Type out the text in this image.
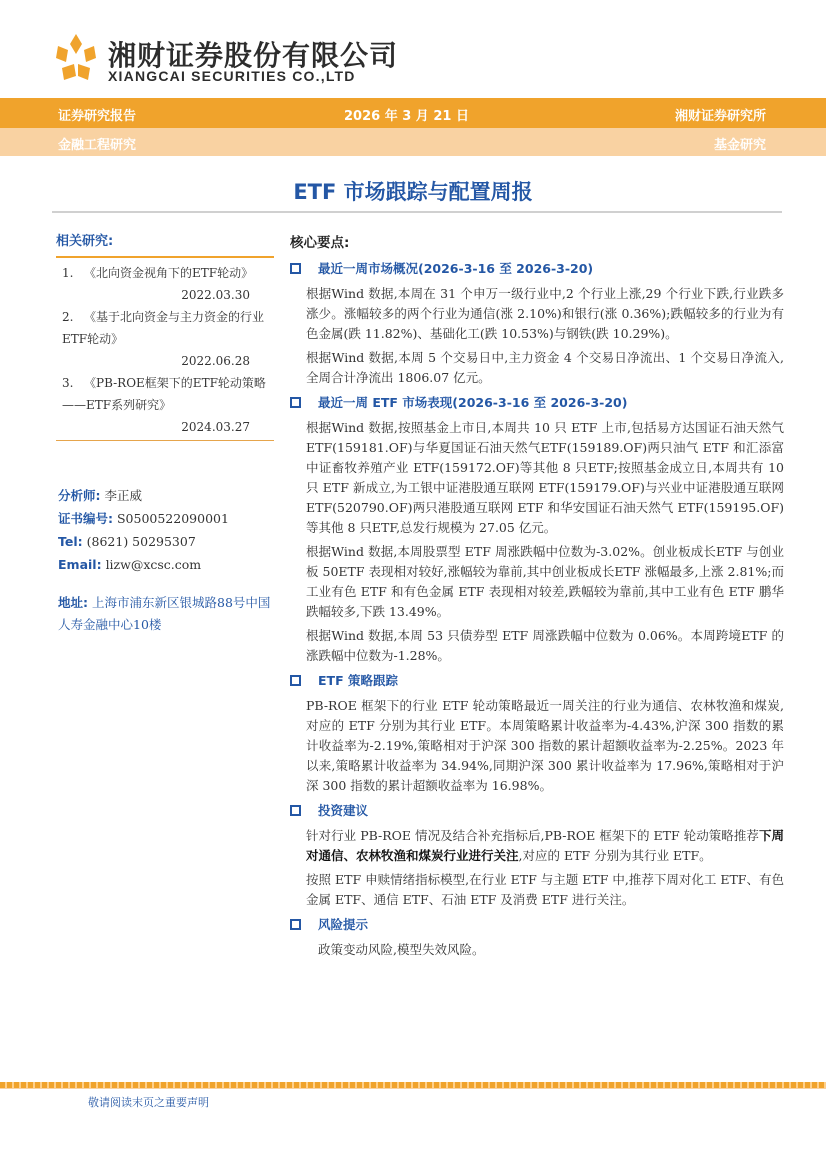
湘财证券股份有限公司
XIANGCAI SECURITIES CO.,LTD
证券研究报告	2026 年 3 月 21 日	湘财证券研究所
金融工程研究	基金研究
ETF 市场跟踪与配置周报
相关研究:
1. 《北向资金视角下的ETF轮动》
2022.03.30
2. 《基于北向资金与主力资金的行业ETF轮动》
2022.06.28
3. 《PB-ROE框架下的ETF轮动策略——ETF系列研究》
2024.03.27
分析师: 李正威
证书编号: S0500522090001
Tel: (8621) 50295307
Email: lizw@xcsc.com
地址: 上海市浦东新区银城路88号中国人寿金融中心10楼
核心要点:
最近一周市场概况(2026-3-16 至 2026-3-20)

根据Wind 数据,本周在 31 个申万一级行业中,2 个行业上涨,29 个行业下跌,行业跌多涨少。涨幅较多的两个行业为通信(涨 2.10%)和银行(涨 0.36%);跌幅较多的行业为有色金属(跌 11.82%)、基础化工(跌 10.53%)与钢铁(跌 10.29%)。

根据Wind 数据,本周 5 个交易日中,主力资金 4 个交易日净流出、1 个交易日净流入,全周合计净流出 1806.07 亿元。

最近一周 ETF 市场表现(2026-3-16 至 2026-3-20)

根据Wind 数据,按照基金上市日,本周共 10 只 ETF 上市,包括易方达国证石油天然气ETF(159181.OF)与华夏国证石油天然气ETF(159189.OF)两只油气 ETF 和汇添富中证畜牧养殖产业 ETF(159172.OF)等其他 8 只ETF;按照基金成立日,本周共有 10 只 ETF 新成立,为工银中证港股通互联网 ETF(159179.OF)与兴业中证港股通互联网 ETF(520790.OF)两只港股通互联网 ETF 和华安国证石油天然气 ETF(159195.OF)等其他 8 只ETF,总发行规模为 27.05 亿元。

根据Wind 数据,本周股票型 ETF 周涨跌幅中位数为-3.02%。创业板成长ETF 与创业板 50ETF 表现相对较好,涨幅较为靠前,其中创业板成长ETF 涨幅最多,上涨 2.81%;而工业有色 ETF 和有色金属 ETF 表现相对较差,跌幅较为靠前,其中工业有色 ETF 鹏华跌幅较多,下跌 13.49%。

根据Wind 数据,本周 53 只债券型 ETF 周涨跌幅中位数为 0.06%。本周跨境ETF 的涨跌幅中位数为-1.28%。

ETF 策略跟踪

PB-ROE 框架下的行业 ETF 轮动策略最近一周关注的行业为通信、农林牧渔和煤炭,对应的 ETF 分别为其行业 ETF。本周策略累计收益率为-4.43%,沪深 300 指数的累计收益率为-2.19%,策略相对于沪深 300 指数的累计超额收益率为-2.25%。2023 年以来,策略累计收益率为 34.94%,同期沪深 300 累计收益率为 17.96%,策略相对于沪深 300 指数的累计超额收益率为 16.98%。

投资建议

针对行业 PB-ROE 情况及结合补充指标后,PB-ROE 框架下的 ETF 轮动策略推荐下周对通信、农林牧渔和煤炭行业进行关注,对应的 ETF 分别为其行业 ETF。

按照 ETF 申赎情绪指标模型,在行业 ETF 与主题 ETF 中,推荐下周对化工 ETF、有色金属 ETF、通信 ETF、石油 ETF 及消费 ETF 进行关注。

风险提示

政策变动风险,模型失效风险。

敬请阅读末页之重要声明
